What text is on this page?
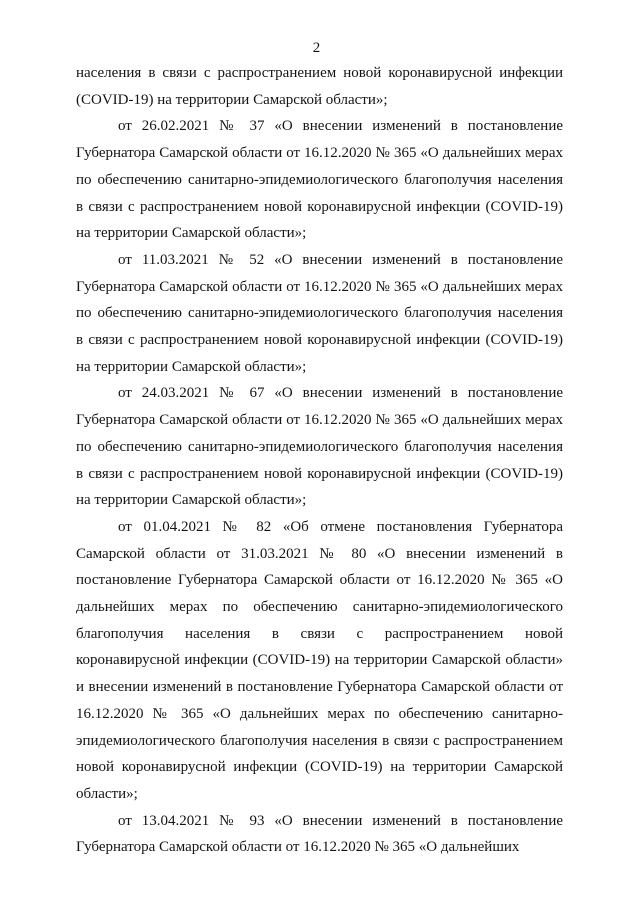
2

населения в связи с распространением новой коронавирусной инфекции (COVID-19) на территории Самарской области»;

от 26.02.2021 № 37 «О внесении изменений в постановление Губернатора Самарской области от 16.12.2020 № 365 «О дальнейших мерах по обеспечению санитарно-эпидемиологического благополучия населения в связи с распространением новой коронавирусной инфекции (COVID-19) на территории Самарской области»;

от 11.03.2021 № 52 «О внесении изменений в постановление Губернатора Самарской области от 16.12.2020 № 365 «О дальнейших мерах по обеспечению санитарно-эпидемиологического благополучия населения в связи с распространением новой коронавирусной инфекции (COVID-19) на территории Самарской области»;

от 24.03.2021 № 67 «О внесении изменений в постановление Губернатора Самарской области от 16.12.2020 № 365 «О дальнейших мерах по обеспечению санитарно-эпидемиологического благополучия населения в связи с распространением новой коронавирусной инфекции (COVID-19) на территории Самарской области»;

от 01.04.2021 № 82 «Об отмене постановления Губернатора Самарской области от 31.03.2021 № 80 «О внесении изменений в постановление Губернатора Самарской области от 16.12.2020 № 365 «О дальнейших мерах по обеспечению санитарно-эпидемиологического благополучия населения в связи с распространением новой коронавирусной инфекции (COVID-19) на территории Самарской области» и внесении изменений в постановление Губернатора Самарской области от 16.12.2020 № 365 «О дальнейших мерах по обеспечению санитарно-эпидемиологического благополучия населения в связи с распространением новой коронавирусной инфекции (COVID-19) на территории Самарской области»;

от 13.04.2021 № 93 «О внесении изменений в постановление Губернатора Самарской области от 16.12.2020 № 365 «О дальнейших
